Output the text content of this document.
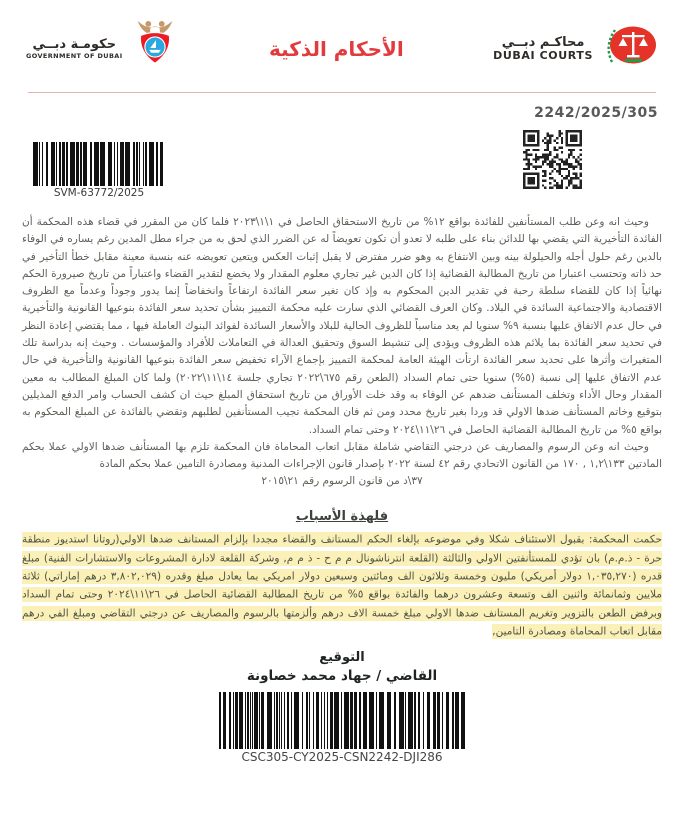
حكومـة دبــي
GOVERNMENT OF DUBAI	الأحكام الذكية	محاكـم دبــي
DUBAI COURTS
2242/2025/305
SVM-63772/2025

وحيث انه وعن طلب المستأنفين للفائدة بواقع ١٢% من تاريخ الاستحقاق الحاصل في ١\١\٢٠٢٣ فلما كان من المقرر في قضاء هذه المحكمة أن الفائدة التأخيرية التي يقضي بها للدائن بناء على طلبه لا تعدو أن تكون تعويضاً له عن الضرر الذي لحق به من جراء مطل المدين رغم يساره في الوفاء بالدين رغم حلول أجله والحيلولة بينه وبين الانتفاع به وهو ضرر مفترض لا يقبل إثبات العكس ويتعين تعويضه عنه بنسبة معينة مقابل خطأ التأخير في حد ذاته وتحتسب اعتبارا من تاريخ المطالبة القضائية إذا كان الدين غير تجاري معلوم المقدار ولا يخضع لتقدير القضاء واعتباراً من تاريخ صيرورة الحكم نهائياً إذا كان للقضاء سلطة رحبة في تقدير الدين المحكوم به وإذ كان تغير سعر الفائدة ارتفاعاً وانخفاضاً إنما يدور وجوداً وعدماً مع الظروف الاقتصادية والاجتماعية السائدة في البلاد. وكان العرف القضائي الذي سارت عليه محكمة التمييز بشأن تحديد سعر الفائدة بنوعيها القانونية والتأخيرية في حال عدم الاتفاق عليها بنسبة ٩% سنويا لم يعد مناسباً للظروف الحالية للبلاد والأسعار السائدة لفوائد البنوك العاملة فيها ، مما يقتضي إعادة النظر في تحديد سعر الفائدة بما يلائم هذه الظروف ويؤدى إلى تنشيط السوق وتحقيق العدالة في التعاملات للأفراد والمؤسسات . وحيث إنه بدراسة تلك المتغيرات وأثرها على تحديد سعر الفائدة ارتأت الهيئة العامة لمحكمة التمييز بإجماع الآراء تخفيض سعر الفائدة بنوعيها القانونية والتأخيرية في حال عدم الاتفاق عليها إلى نسبة (٥%) سنويا حتى تمام السداد (الطعن رقم ٦٧٥\٢٠٢٢ تجاري جلسة ١٤\١١\٢٠٢٢) ولما كان المبلغ المطالب به معين المقدار وحال الأداء وتخلف المستأنف ضدهم عن الوفاء به وقد خلت الأوراق من تاريخ استحقاق المبلغ حيث ان كشف الحساب وامر الدفع المذيلين بتوقيع وخاتم المستأنف ضدها الاولي قد وردا بغير تاريخ محدد ومن ثم فان المحكمة تجيب المستأنفين لطلبهم وتقضي بالفائدة عن المبلغ المحكوم به بواقع ٥% من تاريخ المطالبة القضائية الحاصل في ٢٦\١١\٢٠٢٤ وحتى تمام السداد.

وحيث انه وعن الرسوم والمصاريف عن درجتي التقاضي شاملة مقابل اتعاب المحاماة فان المحكمة تلزم بها المستأنف ضدها الاولي عملا بحكم المادتين ١٣٣\١,٢ , ١٧٠ من القانون الاتحادي رقم ٤٢ لسنة ٢٠٢٢ بإصدار قانون الإجراءات المدنية ومصادرة التامين عملا بحكم المادة

٣٧\د من قانون الرسوم رقم ٢١\٢٠١٥
فلهذة الأسباب

حكمت المحكمة: بقبول الاستئناف شكلا وفي موضوعه بإلغاء الحكم المستانف والقضاء مجددا بإلزام المستانف ضدها الاولي(روتانا استديوز منطقة حرة - ذ.م.م) بان تؤدي للمستأنفتين الاولي والثالثة (القلعة انترناشونال م م ح - ذ م م, وشركة القلعة لادارة المشروعات والاستشارات الفنية) مبلغ قدره (١,٠٣٥,٢٧٠ دولار أمريكي) مليون وخمسة وثلاثون الف ومائتين وسبعين دولار امريكي بما يعادل مبلغ وقدره (٣,٨٠٢,٠٢٩ درهم إماراتي) ثلاثة ملايين وثمانمائة واثنين الف وتسعة وعشرون درهما والفائدة بواقع ٥% من تاريخ المطالبة القضائية الحاصل في ٢٦\١١\٢٠٢٤ وحتى تمام السداد وبرفض الطعن بالتزوير وتغريم المستانف ضدها الاولي مبلغ خمسة الاف درهم وألزمتها بالرسوم والمصاريف عن درجتي التقاضي ومبلغ الفي درهم مقابل اتعاب المحاماة ومصادرة التامين,

التوقيع
القاضي / جهاد محمد خصاونة
CSC305-CY2025-CSN2242-DJI286
